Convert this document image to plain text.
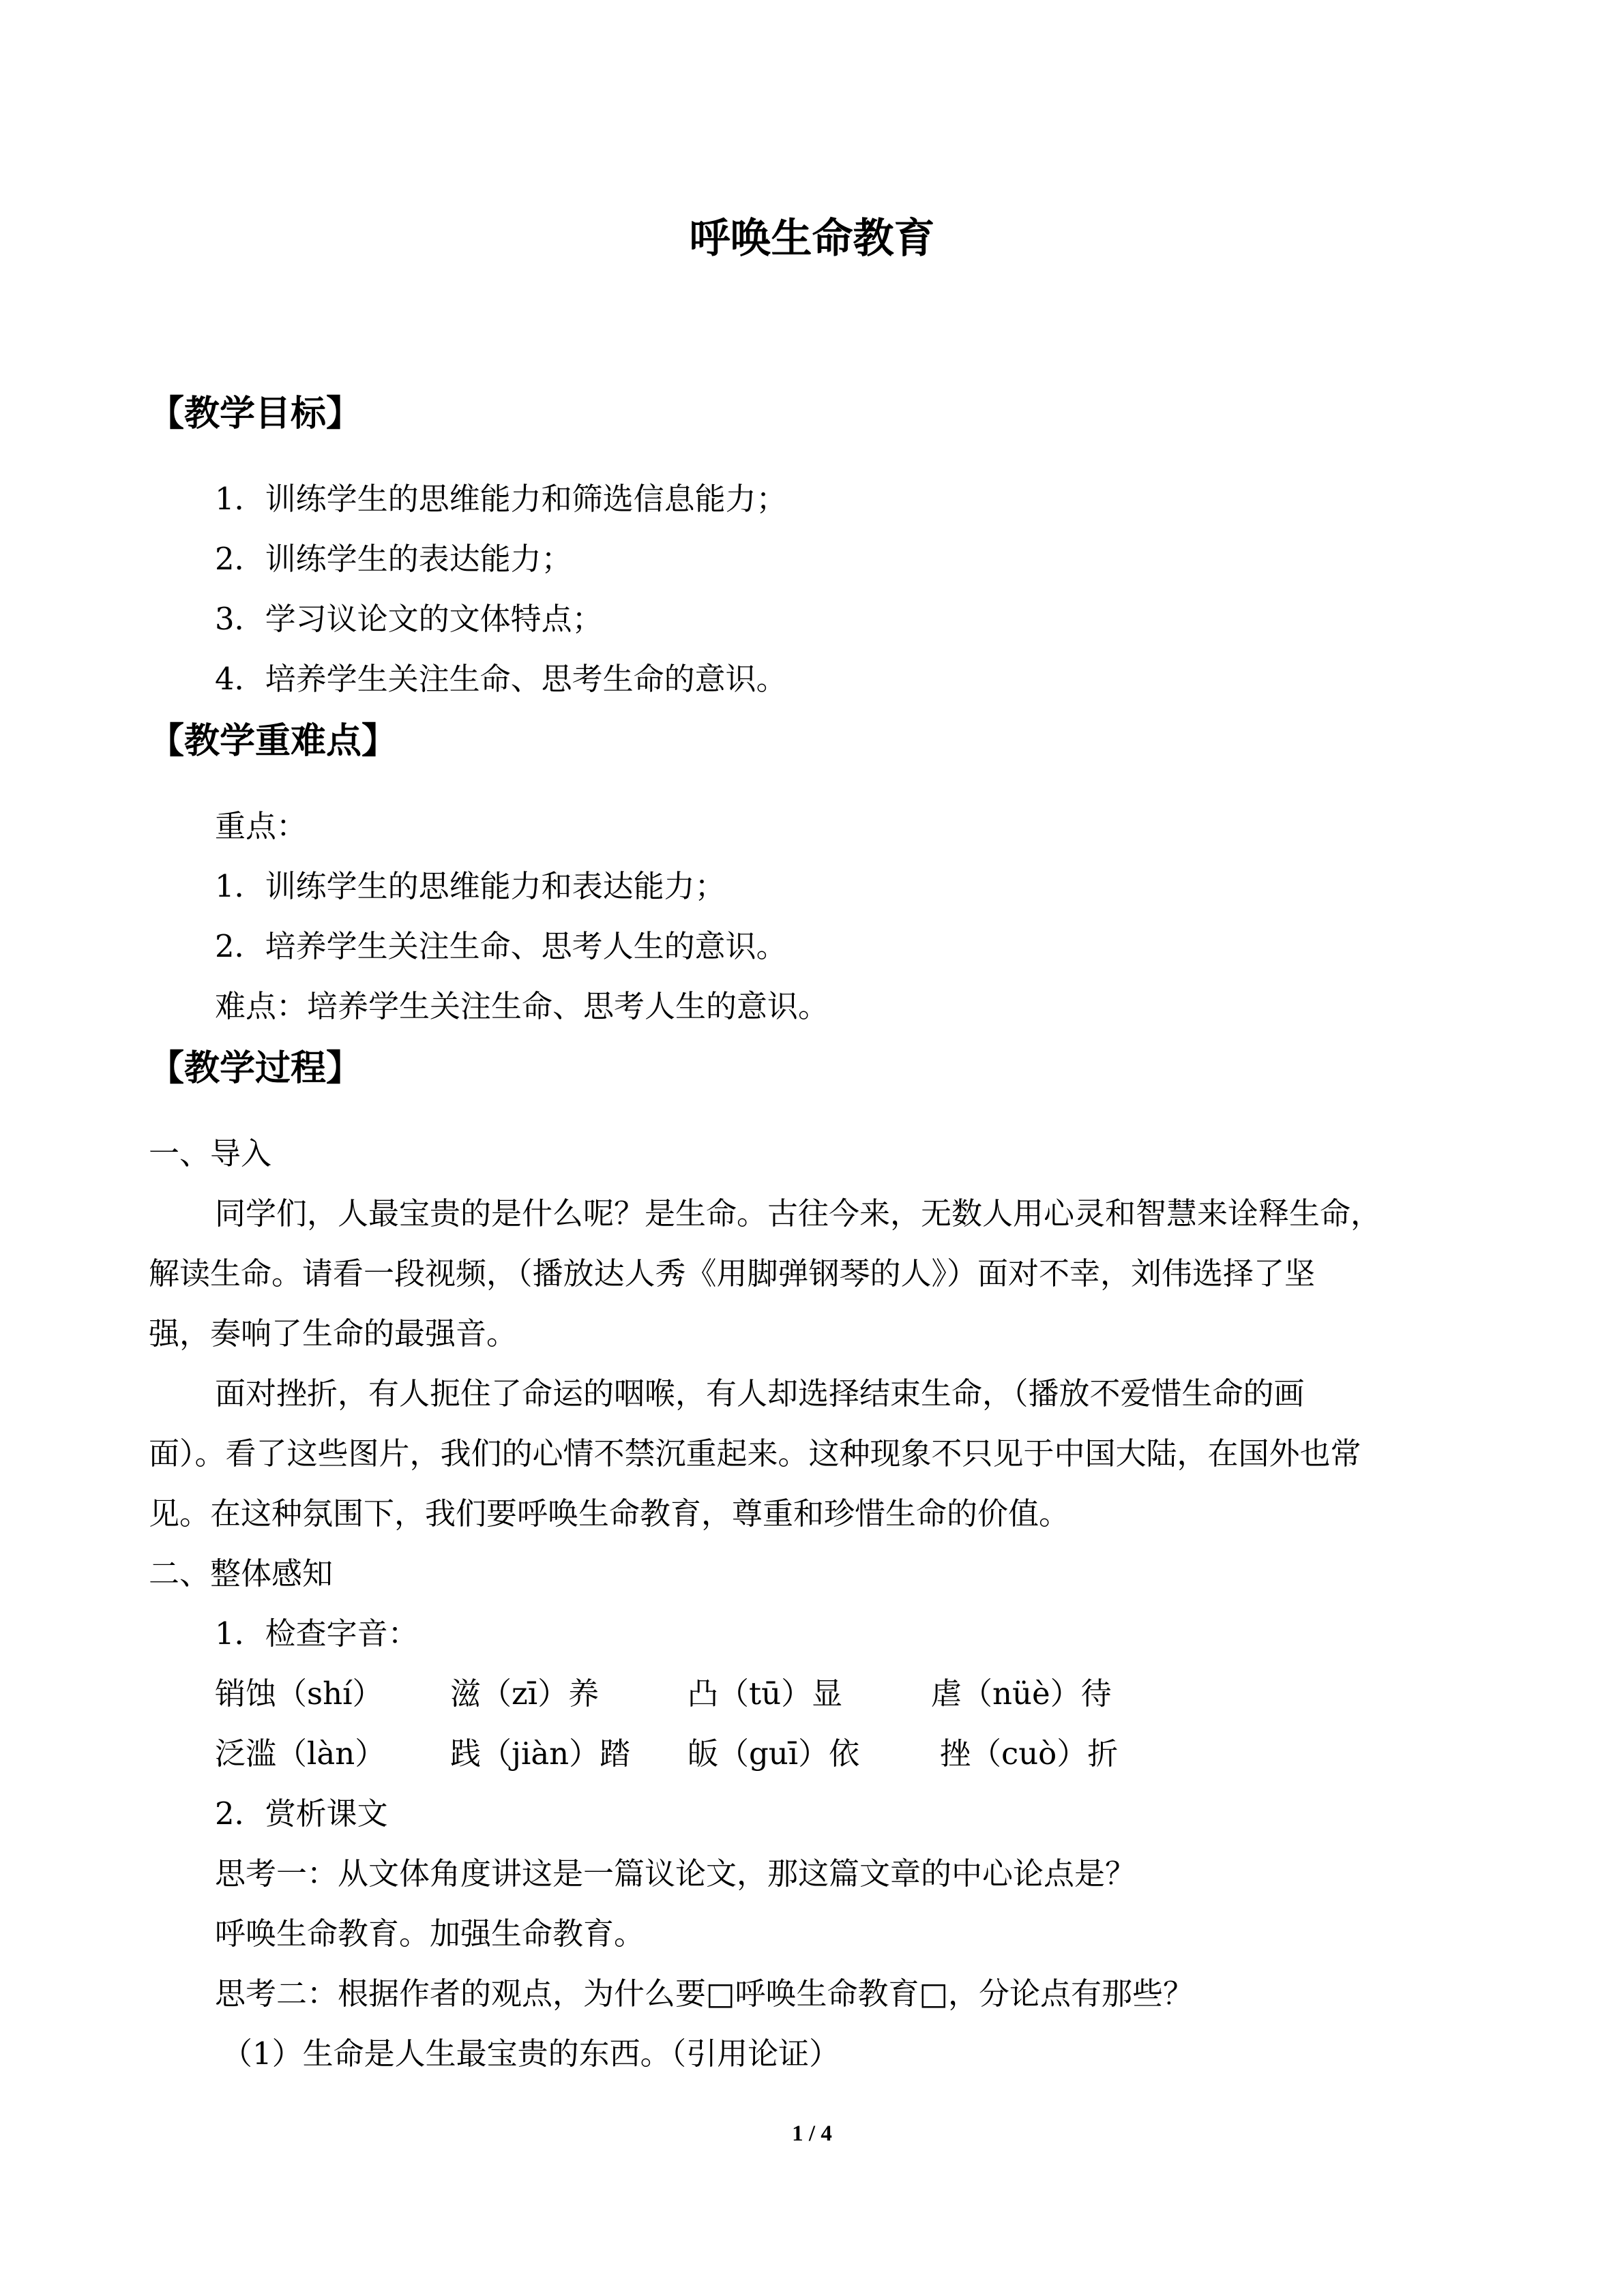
呼唤生命教育
【教学目标】
1．训练学生的思维能力和筛选信息能力；
2．训练学生的表达能力；
3．学习议论文的文体特点；
4．培养学生关注生命、思考生命的意识。
【教学重难点】
重点：
1．训练学生的思维能力和表达能力；
2．培养学生关注生命、思考人生的意识。
难点：培养学生关注生命、思考人生的意识。
【教学过程】
一、导入
同学们，人最宝贵的是什么呢？是生命。古往今来，无数人用心灵和智慧来诠释生命，
解读生命。请看一段视频，（播放达人秀《用脚弹钢琴的人》）面对不幸，刘伟选择了坚
强，奏响了生命的最强音。
面对挫折，有人扼住了命运的咽喉，有人却选择结束生命，（播放不爱惜生命的画
面）。看了这些图片，我们的心情不禁沉重起来。这种现象不只见于中国大陆，在国外也常
见。在这种氛围下，我们要呼唤生命教育，尊重和珍惜生命的价值。
二、整体感知
1．检查字音：
销蚀（shí） 滋（zī）养	凸（tū）显	虐（nüè）待
泛滥（làn） 践（jiàn）踏 皈（guī）依	挫（cuò）折
2．赏析课文
思考一：从文体角度讲这是一篇议论文，那这篇文章的中心论点是？
呼唤生命教育。加强生命教育。
思考二：根据作者的观点，为什么要□呼唤生命教育□，分论点有那些？
（1）生命是人生最宝贵的东西。（引用论证）
1 / 4
